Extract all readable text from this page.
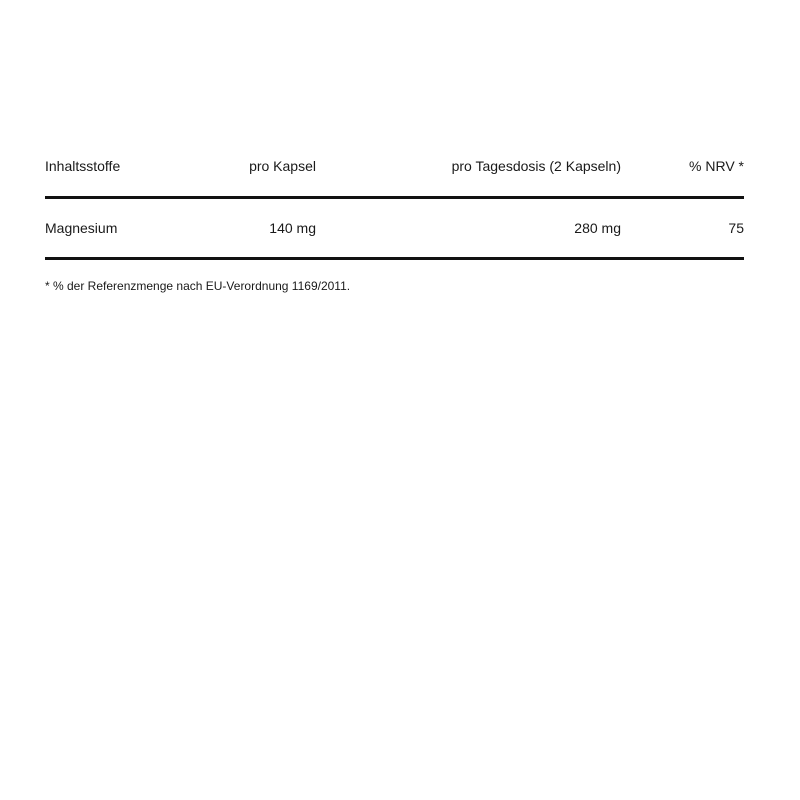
Inhaltsstoffe	pro Kapsel	pro Tagesdosis (2 Kapseln)	% NRV *
Magnesium	140 mg	280 mg	75
* % der Referenzmenge nach EU-Verordnung 1169/2011.
